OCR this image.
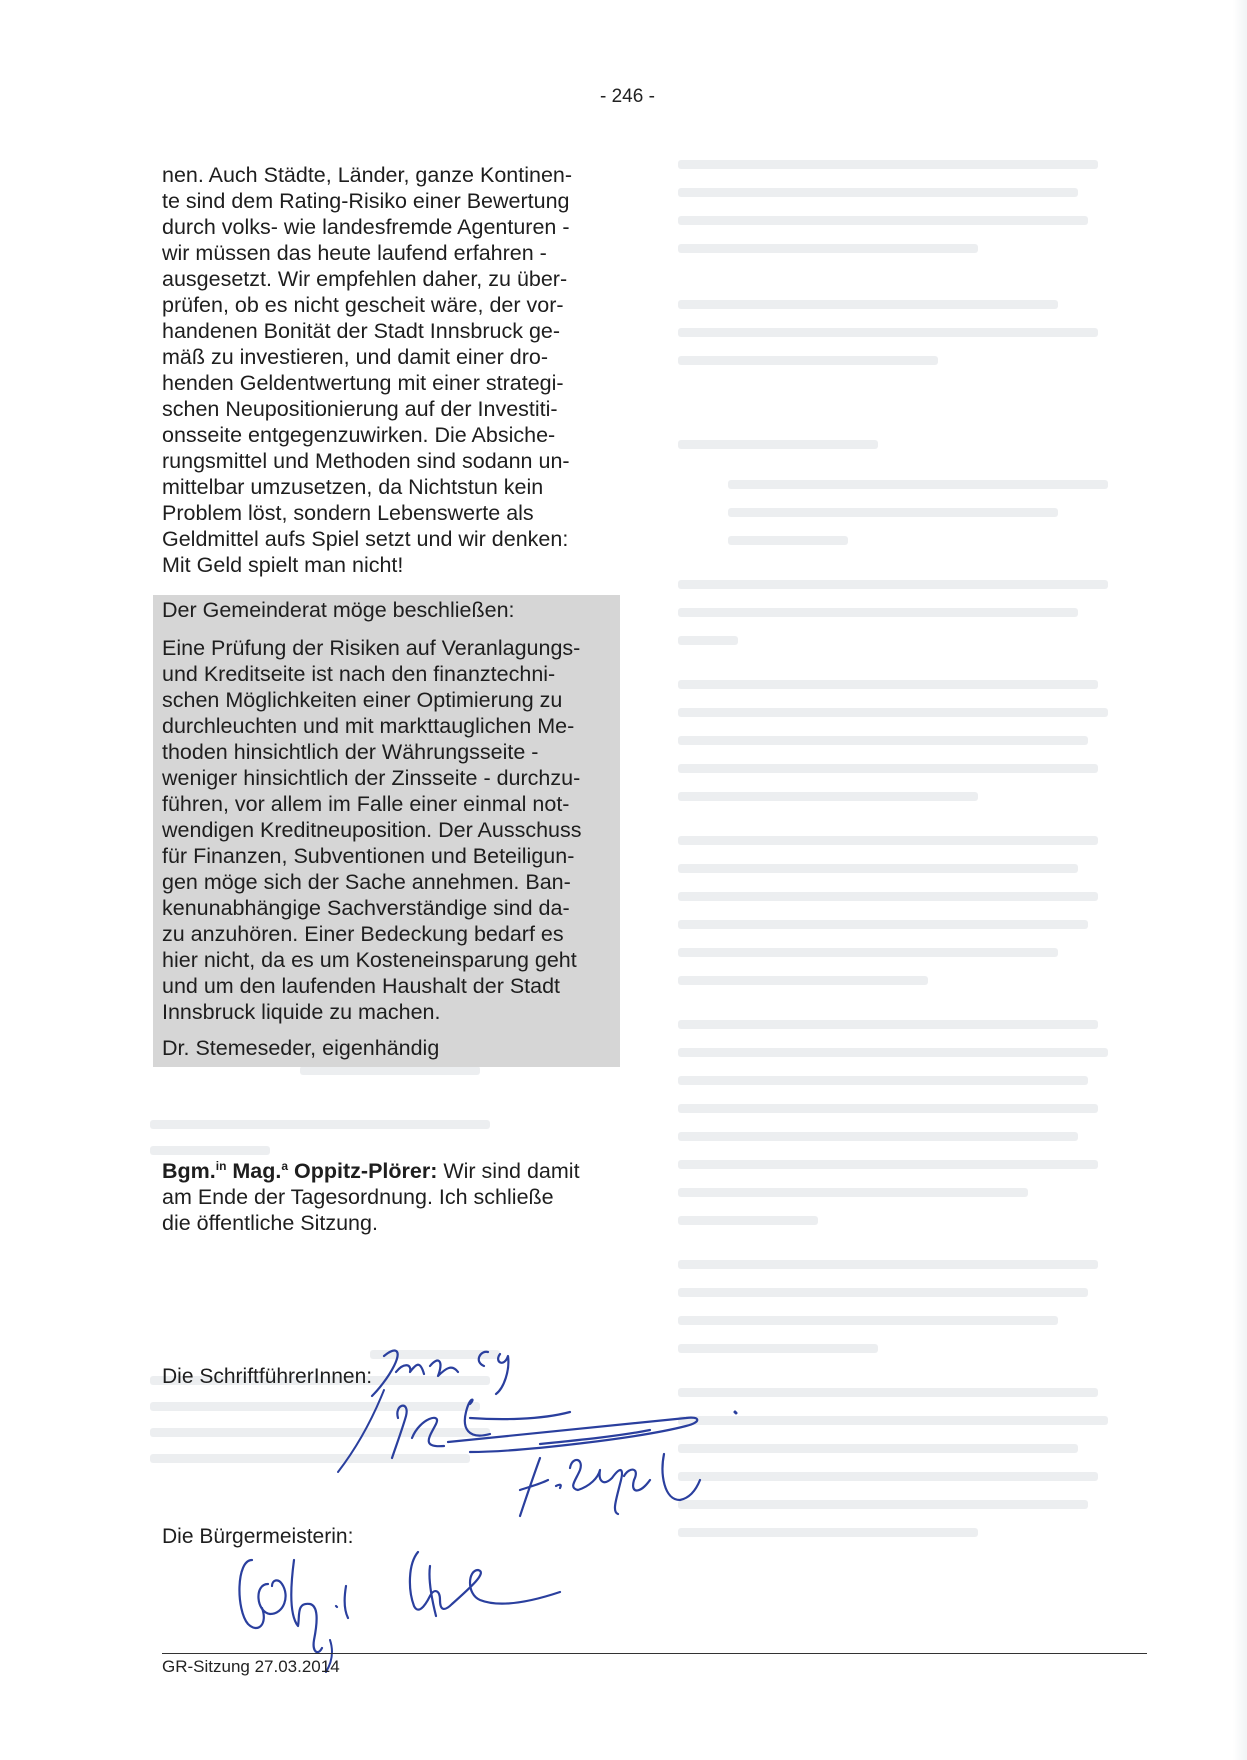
- 246 -
nen. Auch Städte, Länder, ganze Kontinen-
te sind dem Rating-Risiko einer Bewertung
durch volks- wie landesfremde Agenturen -
wir müssen das heute laufend erfahren -
ausgesetzt. Wir empfehlen daher, zu über-
prüfen, ob es nicht gescheit wäre, der vor-
handenen Bonität der Stadt Innsbruck ge-
mäß zu investieren, und damit einer dro-
henden Geldentwertung mit einer strategi-
schen Neupositionierung auf der Investiti-
onsseite entgegenzuwirken. Die Absiche-
rungsmittel und Methoden sind sodann un-
mittelbar umzusetzen, da Nichtstun kein
Problem löst, sondern Lebenswerte als
Geldmittel aufs Spiel setzt und wir denken:
Mit Geld spielt man nicht!
Der Gemeinderat möge beschließen:
Eine Prüfung der Risiken auf Veranlagungs-
und Kreditseite ist nach den finanztechni-
schen Möglichkeiten einer Optimierung zu
durchleuchten und mit markttauglichen Me-
thoden hinsichtlich der Währungsseite -
weniger hinsichtlich der Zinsseite - durchzu-
führen, vor allem im Falle einer einmal not-
wendigen Kreditneuposition. Der Ausschuss
für Finanzen, Subventionen und Beteiligun-
gen möge sich der Sache annehmen. Ban-
kenunabhängige Sachverständige sind da-
zu anzuhören. Einer Bedeckung bedarf es
hier nicht, da es um Kosteneinsparung geht
und um den laufenden Haushalt der Stadt
Innsbruck liquide zu machen.
Dr. Stemeseder, eigenhändig
Bgm.$^{in}$ Mag.$^a$ Oppitz-Plörer: Wir sind damit
am Ende der Tagesordnung. Ich schließe
die öffentliche Sitzung.
Die SchriftführerInnen:
Die Bürgermeisterin:
GR-Sitzung 27.03.2014
